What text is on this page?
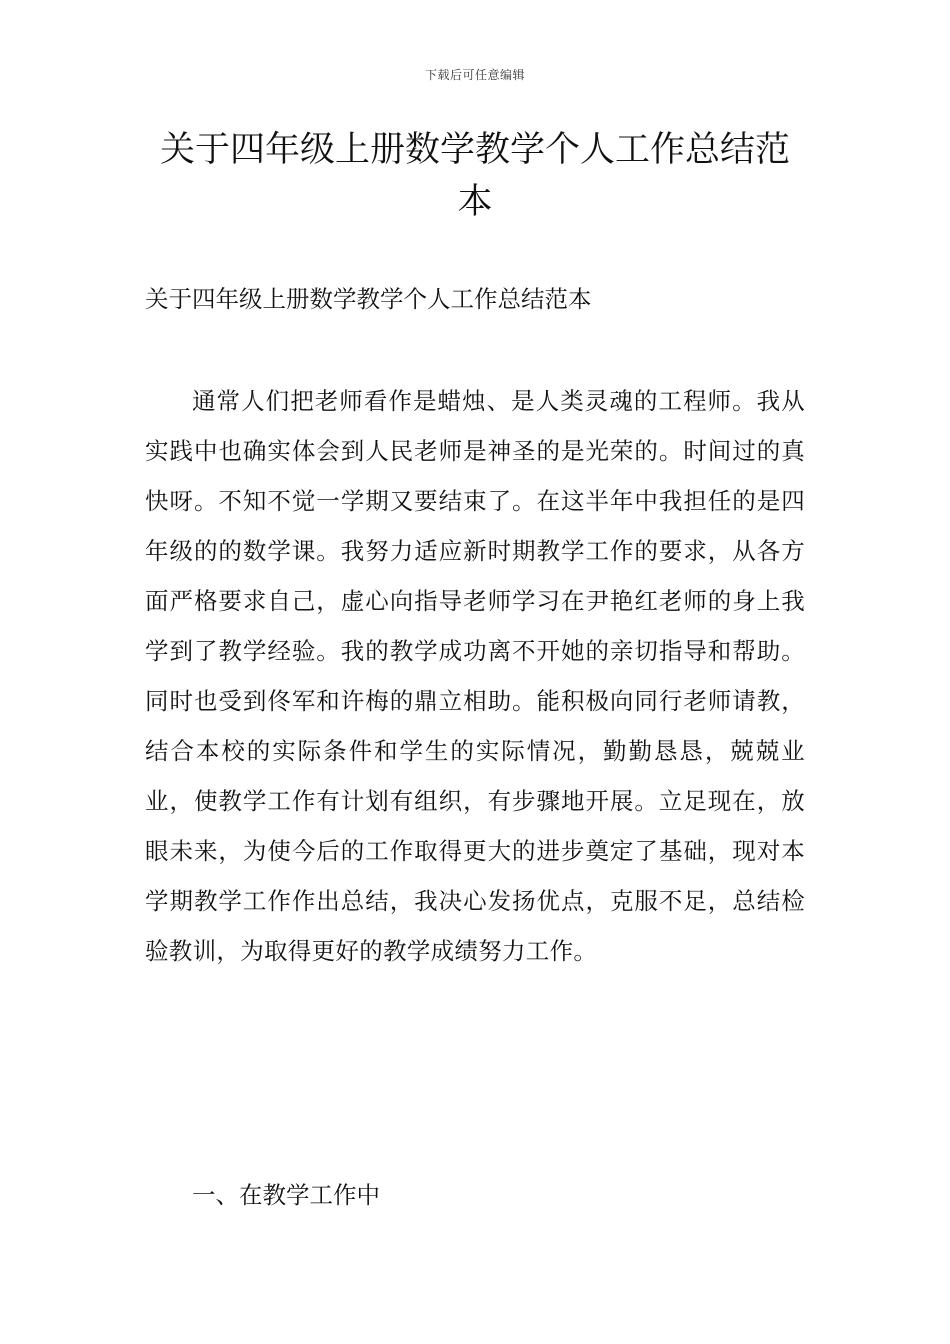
下载后可任意编辑
关于四年级上册数学教学个人工作总结范本

关于四年级上册数学教学个人工作总结范本

通常人们把老师看作是蜡烛、是人类灵魂的工程师。我从实践中也确实体会到人民老师是神圣的是光荣的。时间过的真快呀。不知不觉一学期又要结束了。在这半年中我担任的是四年级的的数学课。我努力适应新时期教学工作的要求，从各方面严格要求自己，虚心向指导老师学习在尹艳红老师的身上我学到了教学经验。我的教学成功离不开她的亲切指导和帮助。同时也受到佟军和许梅的鼎立相助。能积极向同行老师请教，结合本校的实际条件和学生的实际情况，勤勤恳恳，兢兢业业，使教学工作有计划有组织，有步骤地开展。立足现在，放眼未来，为使今后的工作取得更大的进步奠定了基础，现对本学期教学工作作出总结，我决心发扬优点，克服不足，总结检验教训，为取得更好的教学成绩努力工作。

一、在教学工作中
